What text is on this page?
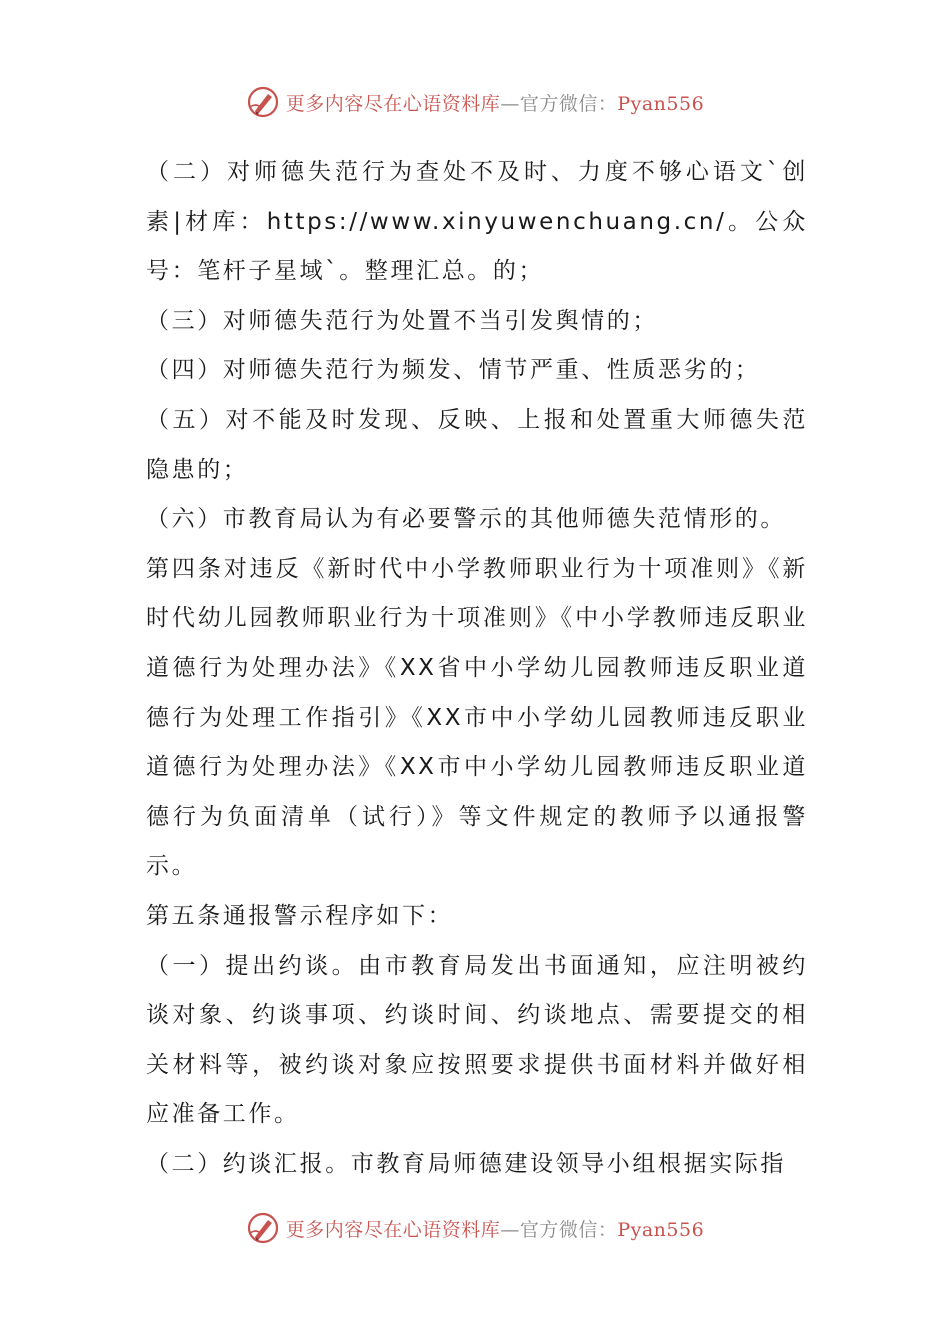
更多内容尽在心语资料库—官方微信：Pyan556

（二）对师德失范行为查处不及时、力度不够心语文`创素|材库：https://www.xinyuwenchuang.cn/。公众号：笔杆子星域`。整理汇总。的；

（三）对师德失范行为处置不当引发舆情的；

（四）对师德失范行为频发、情节严重、性质恶劣的；

（五）对不能及时发现、反映、上报和处置重大师德失范隐患的；

（六）市教育局认为有必要警示的其他师德失范情形的。

第四条对违反《新时代中小学教师职业行为十项准则》《新时代幼儿园教师职业行为十项准则》《中小学教师违反职业道德行为处理办法》《XX省中小学幼儿园教师违反职业道德行为处理工作指引》《XX市中小学幼儿园教师违反职业道德行为处理办法》《XX市中小学幼儿园教师违反职业道德行为负面清单（试行）》等文件规定的教师予以通报警示。

第五条通报警示程序如下：

（一）提出约谈。由市教育局发出书面通知，应注明被约谈对象、约谈事项、约谈时间、约谈地点、需要提交的相关材料等，被约谈对象应按照要求提供书面材料并做好相应准备工作。

（二）约谈汇报。市教育局师德建设领导小组根据实际指

更多内容尽在心语资料库—官方微信：Pyan556
